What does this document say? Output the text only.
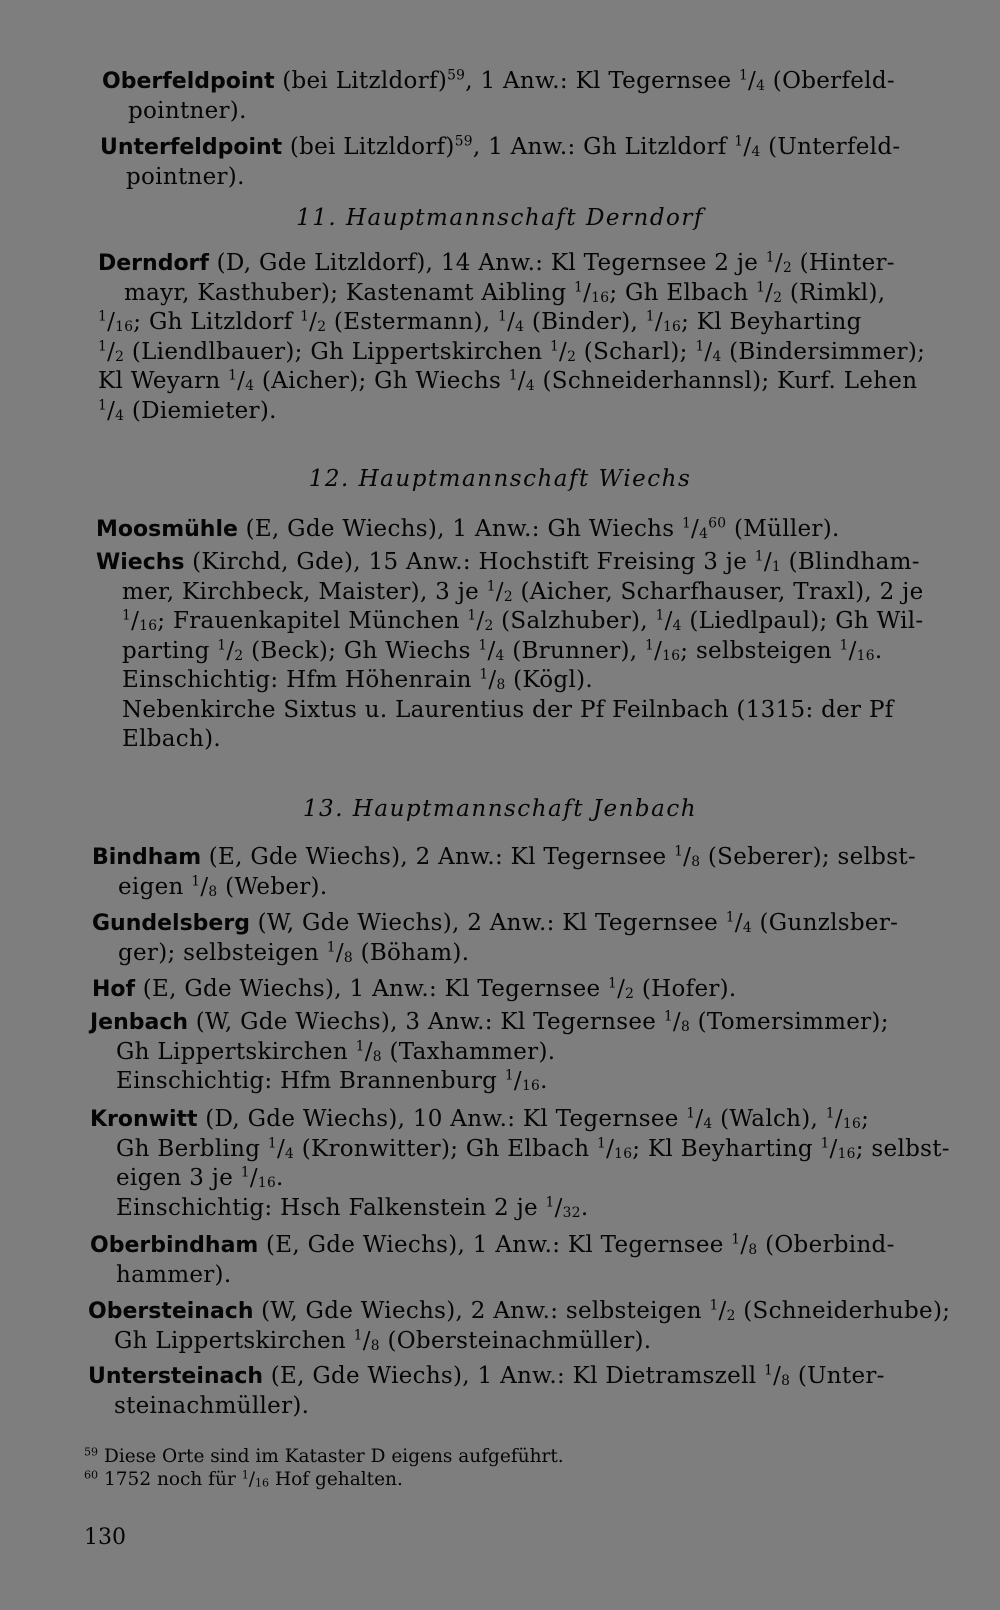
Oberfeldpoint (bei Litzldorf)$^{59}$, 1 Anw.: Kl Tegernsee $^1/_4$ (Oberfeld-
pointner).
Unterfeldpoint (bei Litzldorf)$^{59}$, 1 Anw.: Gh Litzldorf $^1/_4$ (Unterfeld-
pointner).
11. Hauptmannschaft Derndorf
Derndorf (D, Gde Litzldorf), 14 Anw.: Kl Tegernsee 2 je $^1/_2$ (Hinter-
mayr, Kasthuber); Kastenamt Aibling $^1/_{16}$; Gh Elbach $^1/_2$ (Rimkl),
$^1/_{16}$; Gh Litzldorf $^1/_2$ (Estermann), $^1/_4$ (Binder), $^1/_{16}$; Kl Beyharting
$^1/_2$ (Liendlbauer); Gh Lippertskirchen $^1/_2$ (Scharl); $^1/_4$ (Bindersimmer);
Kl Weyarn $^1/_4$ (Aicher); Gh Wiechs $^1/_4$ (Schneiderhannsl); Kurf. Lehen
$^1/_4$ (Diemieter).
12. Hauptmannschaft Wiechs
Moosmühle (E, Gde Wiechs), 1 Anw.: Gh Wiechs $^1/_4^{60}$ (Müller).
Wiechs (Kirchd, Gde), 15 Anw.: Hochstift Freising 3 je $^1/_1$ (Blindham-
mer, Kirchbeck, Maister), 3 je $^1/_2$ (Aicher, Scharfhauser, Traxl), 2 je
$^1/_{16}$; Frauenkapitel München $^1/_2$ (Salzhuber), $^1/_4$ (Liedlpaul); Gh Wil-
parting $^1/_2$ (Beck); Gh Wiechs $^1/_4$ (Brunner), $^1/_{16}$; selbsteigen $^1/_{16}$.
Einschichtig: Hfm Höhenrain $^1/_8$ (Kögl).
Nebenkirche Sixtus u. Laurentius der Pf Feilnbach (1315: der Pf
Elbach).
13. Hauptmannschaft Jenbach
Bindham (E, Gde Wiechs), 2 Anw.: Kl Tegernsee $^1/_8$ (Seberer); selbst-
eigen $^1/_8$ (Weber).
Gundelsberg (W, Gde Wiechs), 2 Anw.: Kl Tegernsee $^1/_4$ (Gunzlsber-
ger); selbsteigen $^1/_8$ (Böham).
Hof (E, Gde Wiechs), 1 Anw.: Kl Tegernsee $^1/_2$ (Hofer).
Jenbach (W, Gde Wiechs), 3 Anw.: Kl Tegernsee $^1/_8$ (Tomersimmer);
Gh Lippertskirchen $^1/_8$ (Taxhammer).
Einschichtig: Hfm Brannenburg $^1/_{16}$.
Kronwitt (D, Gde Wiechs), 10 Anw.: Kl Tegernsee $^1/_4$ (Walch), $^1/_{16}$;
Gh Berbling $^1/_4$ (Kronwitter); Gh Elbach $^1/_{16}$; Kl Beyharting $^1/_{16}$; selbst-
eigen 3 je $^1/_{16}$.
Einschichtig: Hsch Falkenstein 2 je $^1/_{32}$.
Oberbindham (E, Gde Wiechs), 1 Anw.: Kl Tegernsee $^1/_8$ (Oberbind-
hammer).
Obersteinach (W, Gde Wiechs), 2 Anw.: selbsteigen $^1/_2$ (Schneiderhube);
Gh Lippertskirchen $^1/_8$ (Obersteinachmüller).
Untersteinach (E, Gde Wiechs), 1 Anw.: Kl Dietramszell $^1/_8$ (Unter-
steinachmüller).
$^{59}$ Diese Orte sind im Kataster D eigens aufgeführt.
$^{60}$ 1752 noch für $^1/_{16}$ Hof gehalten.
130
